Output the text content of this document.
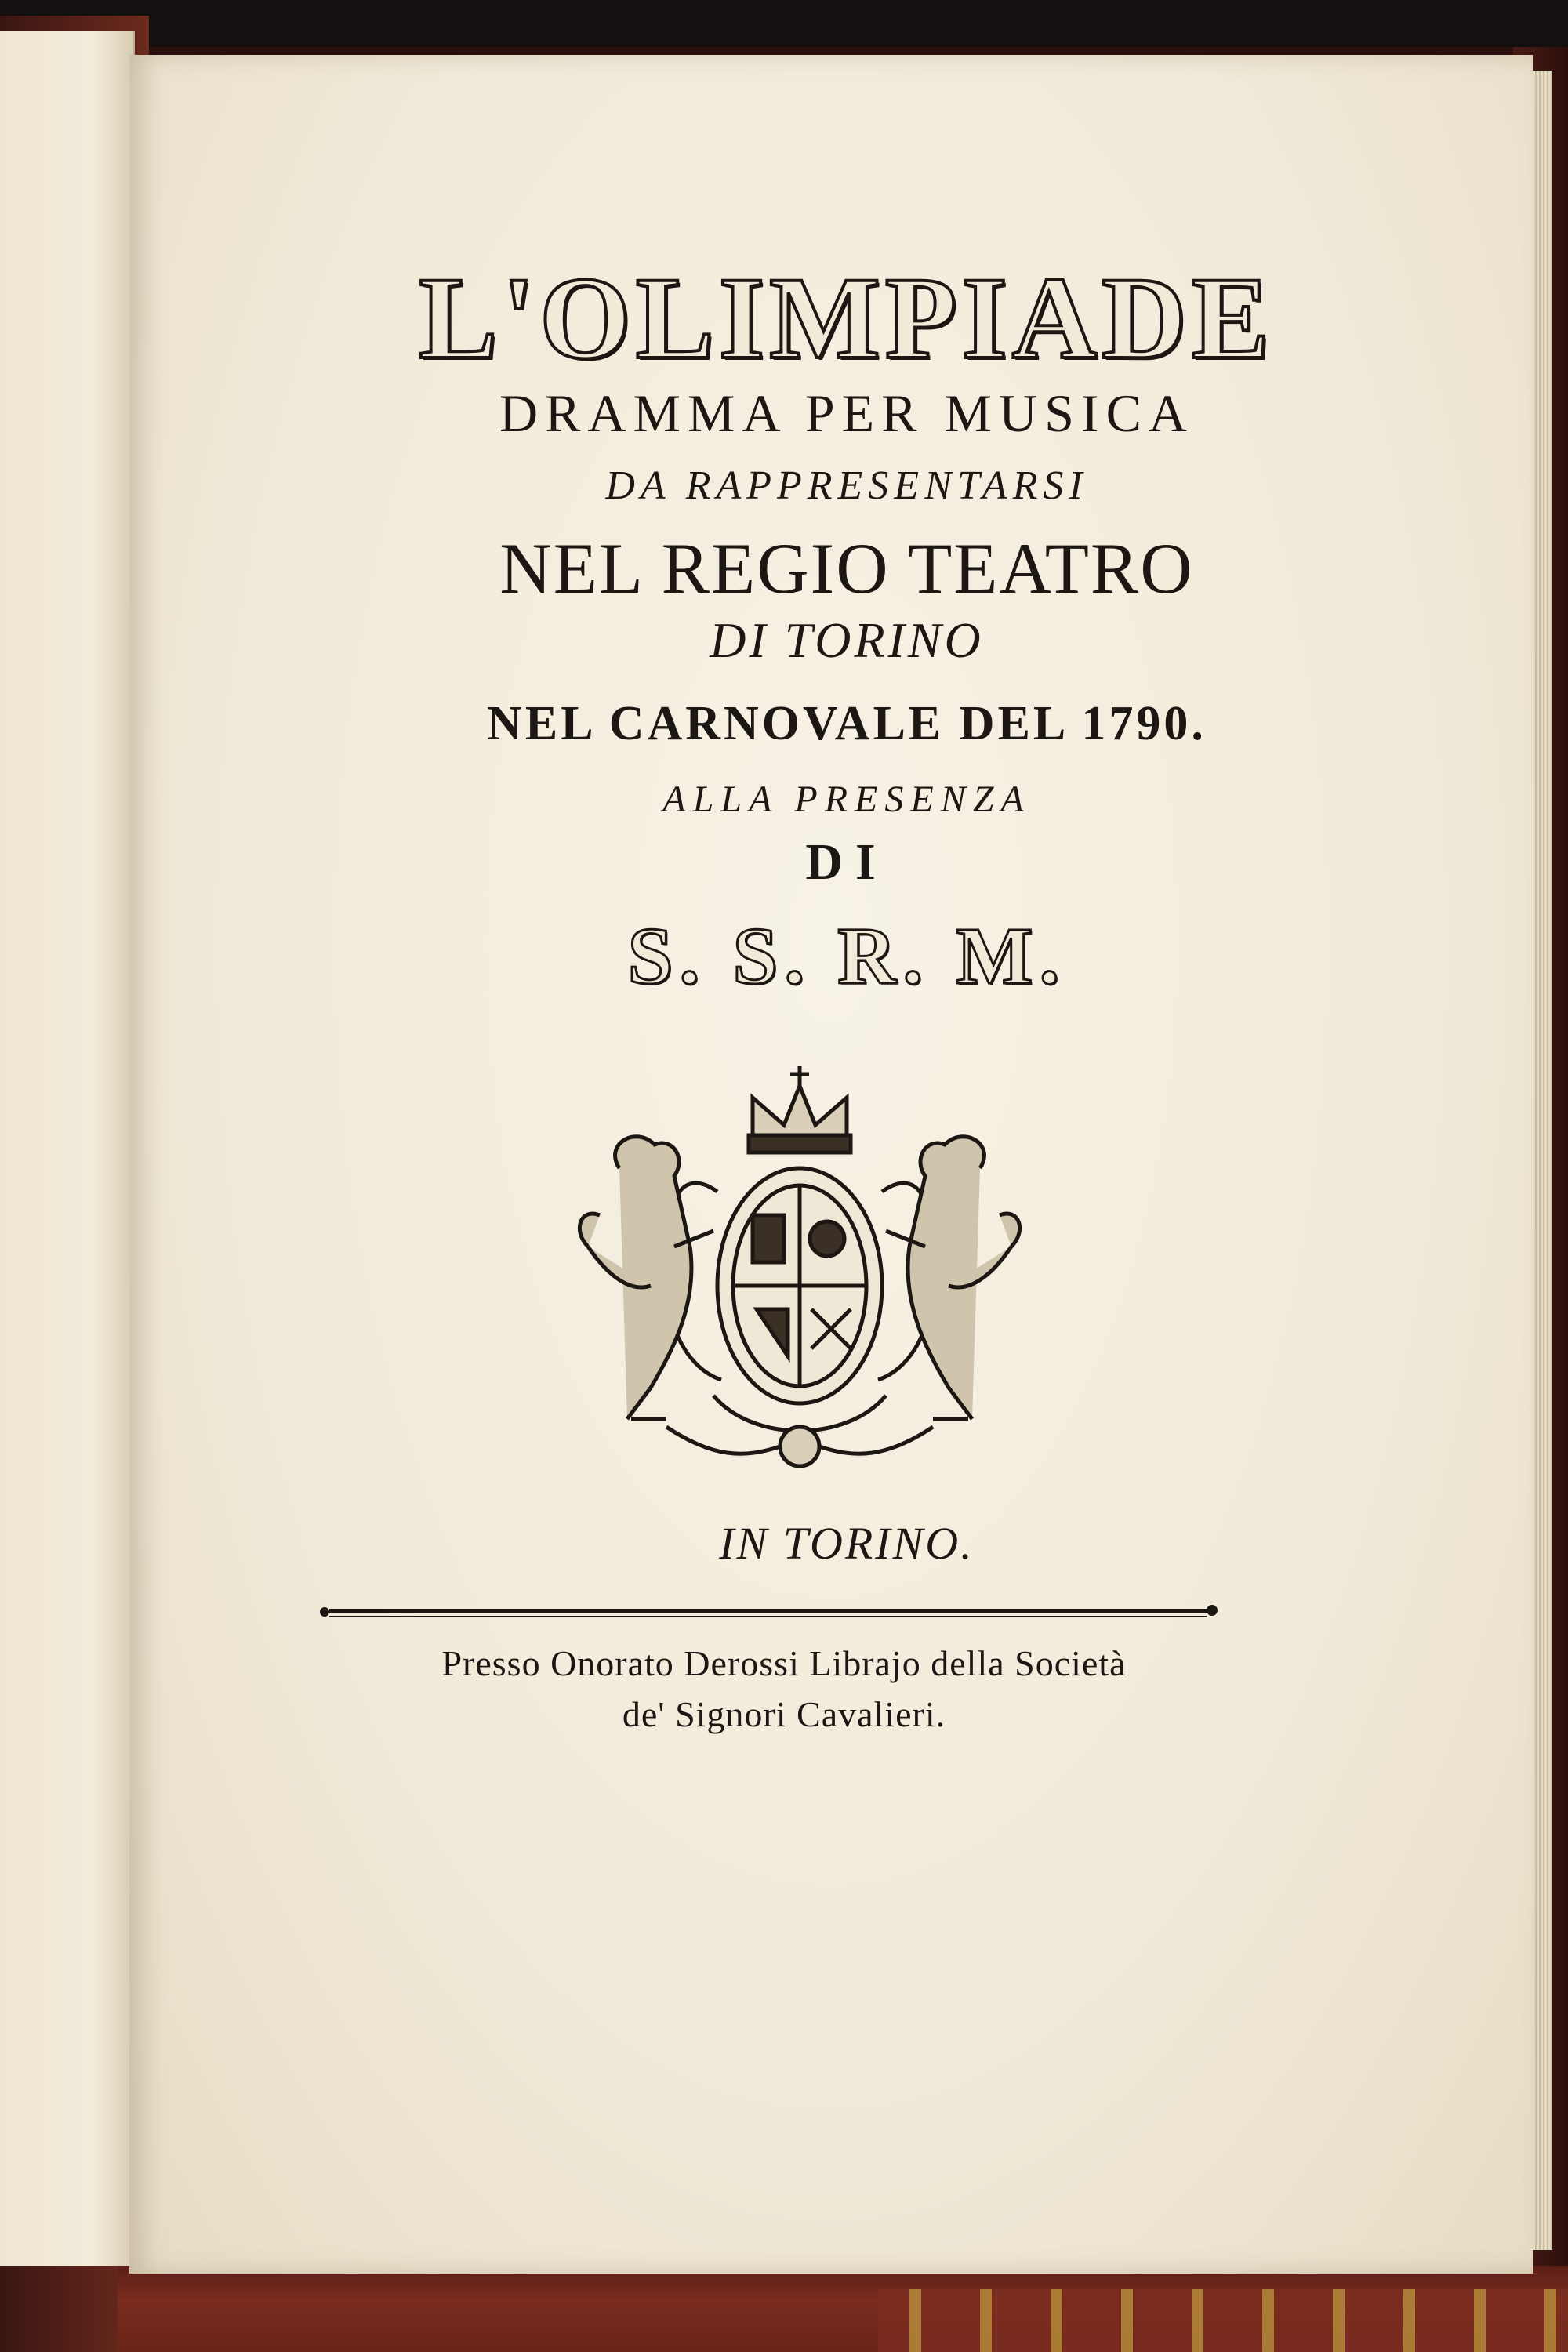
L'OLIMPIADE
DRAMMA PER MUSICA
DA RAPPRESENTARSI
NEL REGIO TEATRO
DI TORINO
NEL CARNOVALE DEL 1790.
ALLA PRESENZA
DI
S. S. R. M.
IN TORINO.
Presso Onorato Derossi Librajo della Società
de' Signori Cavalieri.
